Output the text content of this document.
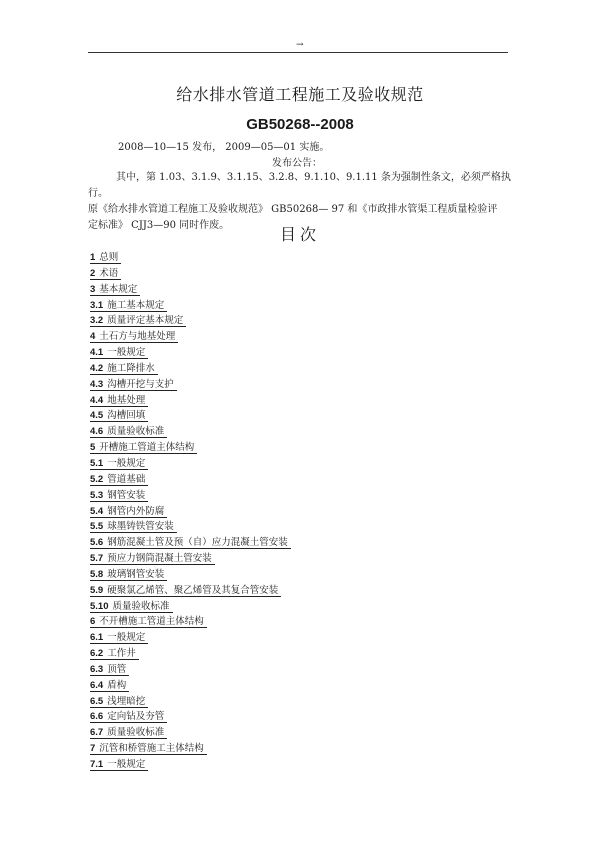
→
给水排水管道工程施工及验收规范
GB50268--2008
2008—10—15 发布， 2009—05—01 实施。
发布公告：
其中，第 1.03、3.1.9、3.1.15、3.2.8、9.1.10、9.1.11 条为强制性条文，必须严格执行。
原《给水排水管道工程施工及验收规范》 GB50268— 97 和《市政排水管渠工程质量检验评
定标准》 CJJ3—90 同时作废。	目次
1 总则
2 术语
3 基本规定
3.1 施工基本规定
3.2 质量评定基本规定
4 土石方与地基处理
4.1 一般规定
4.2 施工降排水
4.3 沟槽开挖与支护
4.4 地基处理
4.5 沟槽回填
4.6 质量验收标准
5 开槽施工管道主体结构
5.1 一般规定
5.2 管道基础
5.3 钢管安装
5.4 钢管内外防腐
5.5 球墨铸铁管安装
5.6 钢筋混凝土管及预（自）应力混凝土管安装
5.7 预应力钢筒混凝土管安装
5.8 玻璃钢管安装
5.9 硬聚氯乙烯管、聚乙烯管及其复合管安装
5.10 质量验收标准
6 不开槽施工管道主体结构
6.1 一般规定
6.2 工作井
6.3 顶管
6.4 盾构
6.5 浅埋暗挖
6.6 定向钻及夯管
6.7 质量验收标准
7 沉管和桥管施工主体结构
7.1 一般规定
